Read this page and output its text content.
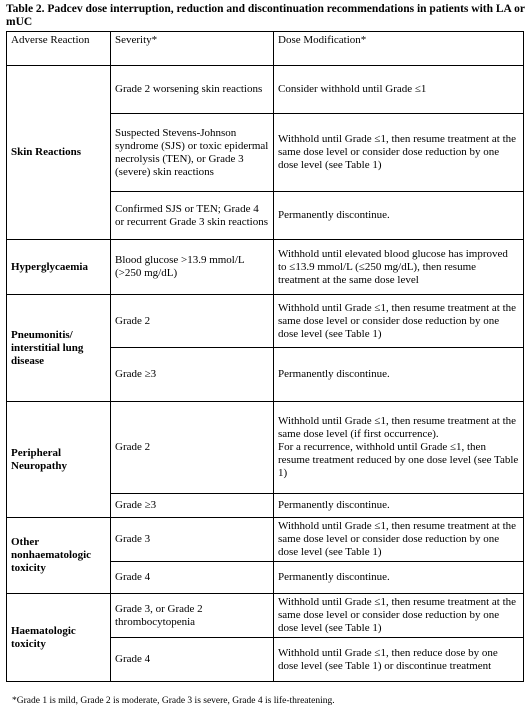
Table 2. Padcev dose interruption, reduction and discontinuation recommendations in patients with LA or mUC
Adverse Reaction	Severity*	Dose Modification*
Skin Reactions	Grade 2 worsening skin reactions	Consider withhold until Grade ≤1
	Suspected Stevens-Johnson syndrome (SJS) or toxic epidermal necrolysis (TEN), or Grade 3 (severe) skin reactions	Withhold until Grade ≤1, then resume treatment at the same dose level or consider dose reduction by one dose level (see Table 1)
	Confirmed SJS or TEN; Grade 4 or recurrent Grade 3 skin reactions	Permanently discontinue.
Hyperglycaemia	Blood glucose >13.9 mmol/L (>250 mg/dL)	Withhold until elevated blood glucose has improved to ≤13.9 mmol/L (≤250 mg/dL), then resume treatment at the same dose level
Pneumonitis/ interstitial lung disease	Grade 2	Withhold until Grade ≤1, then resume treatment at the same dose level or consider dose reduction by one dose level (see Table 1)
	Grade ≥3	Permanently discontinue.
Peripheral Neuropathy	Grade 2	Withhold until Grade ≤1, then resume treatment at the same dose level (if first occurrence).
For a recurrence, withhold until Grade ≤1, then resume treatment reduced by one dose level (see Table 1)

	Grade ≥3	Permanently discontinue.
Other nonhaematologic toxicity	Grade 3	Withhold until Grade ≤1, then resume treatment at the same dose level or consider dose reduction by one dose level (see Table 1)
	Grade 4	Permanently discontinue.
Haematologic toxicity	Grade 3, or Grade 2 thrombocytopenia	Withhold until Grade ≤1, then resume treatment at the same dose level or consider dose reduction by one dose level (see Table 1)
	Grade 4	Withhold until Grade ≤1, then reduce dose by one dose level (see Table 1) or discontinue treatment
*Grade 1 is mild, Grade 2 is moderate, Grade 3 is severe, Grade 4 is life-threatening.
